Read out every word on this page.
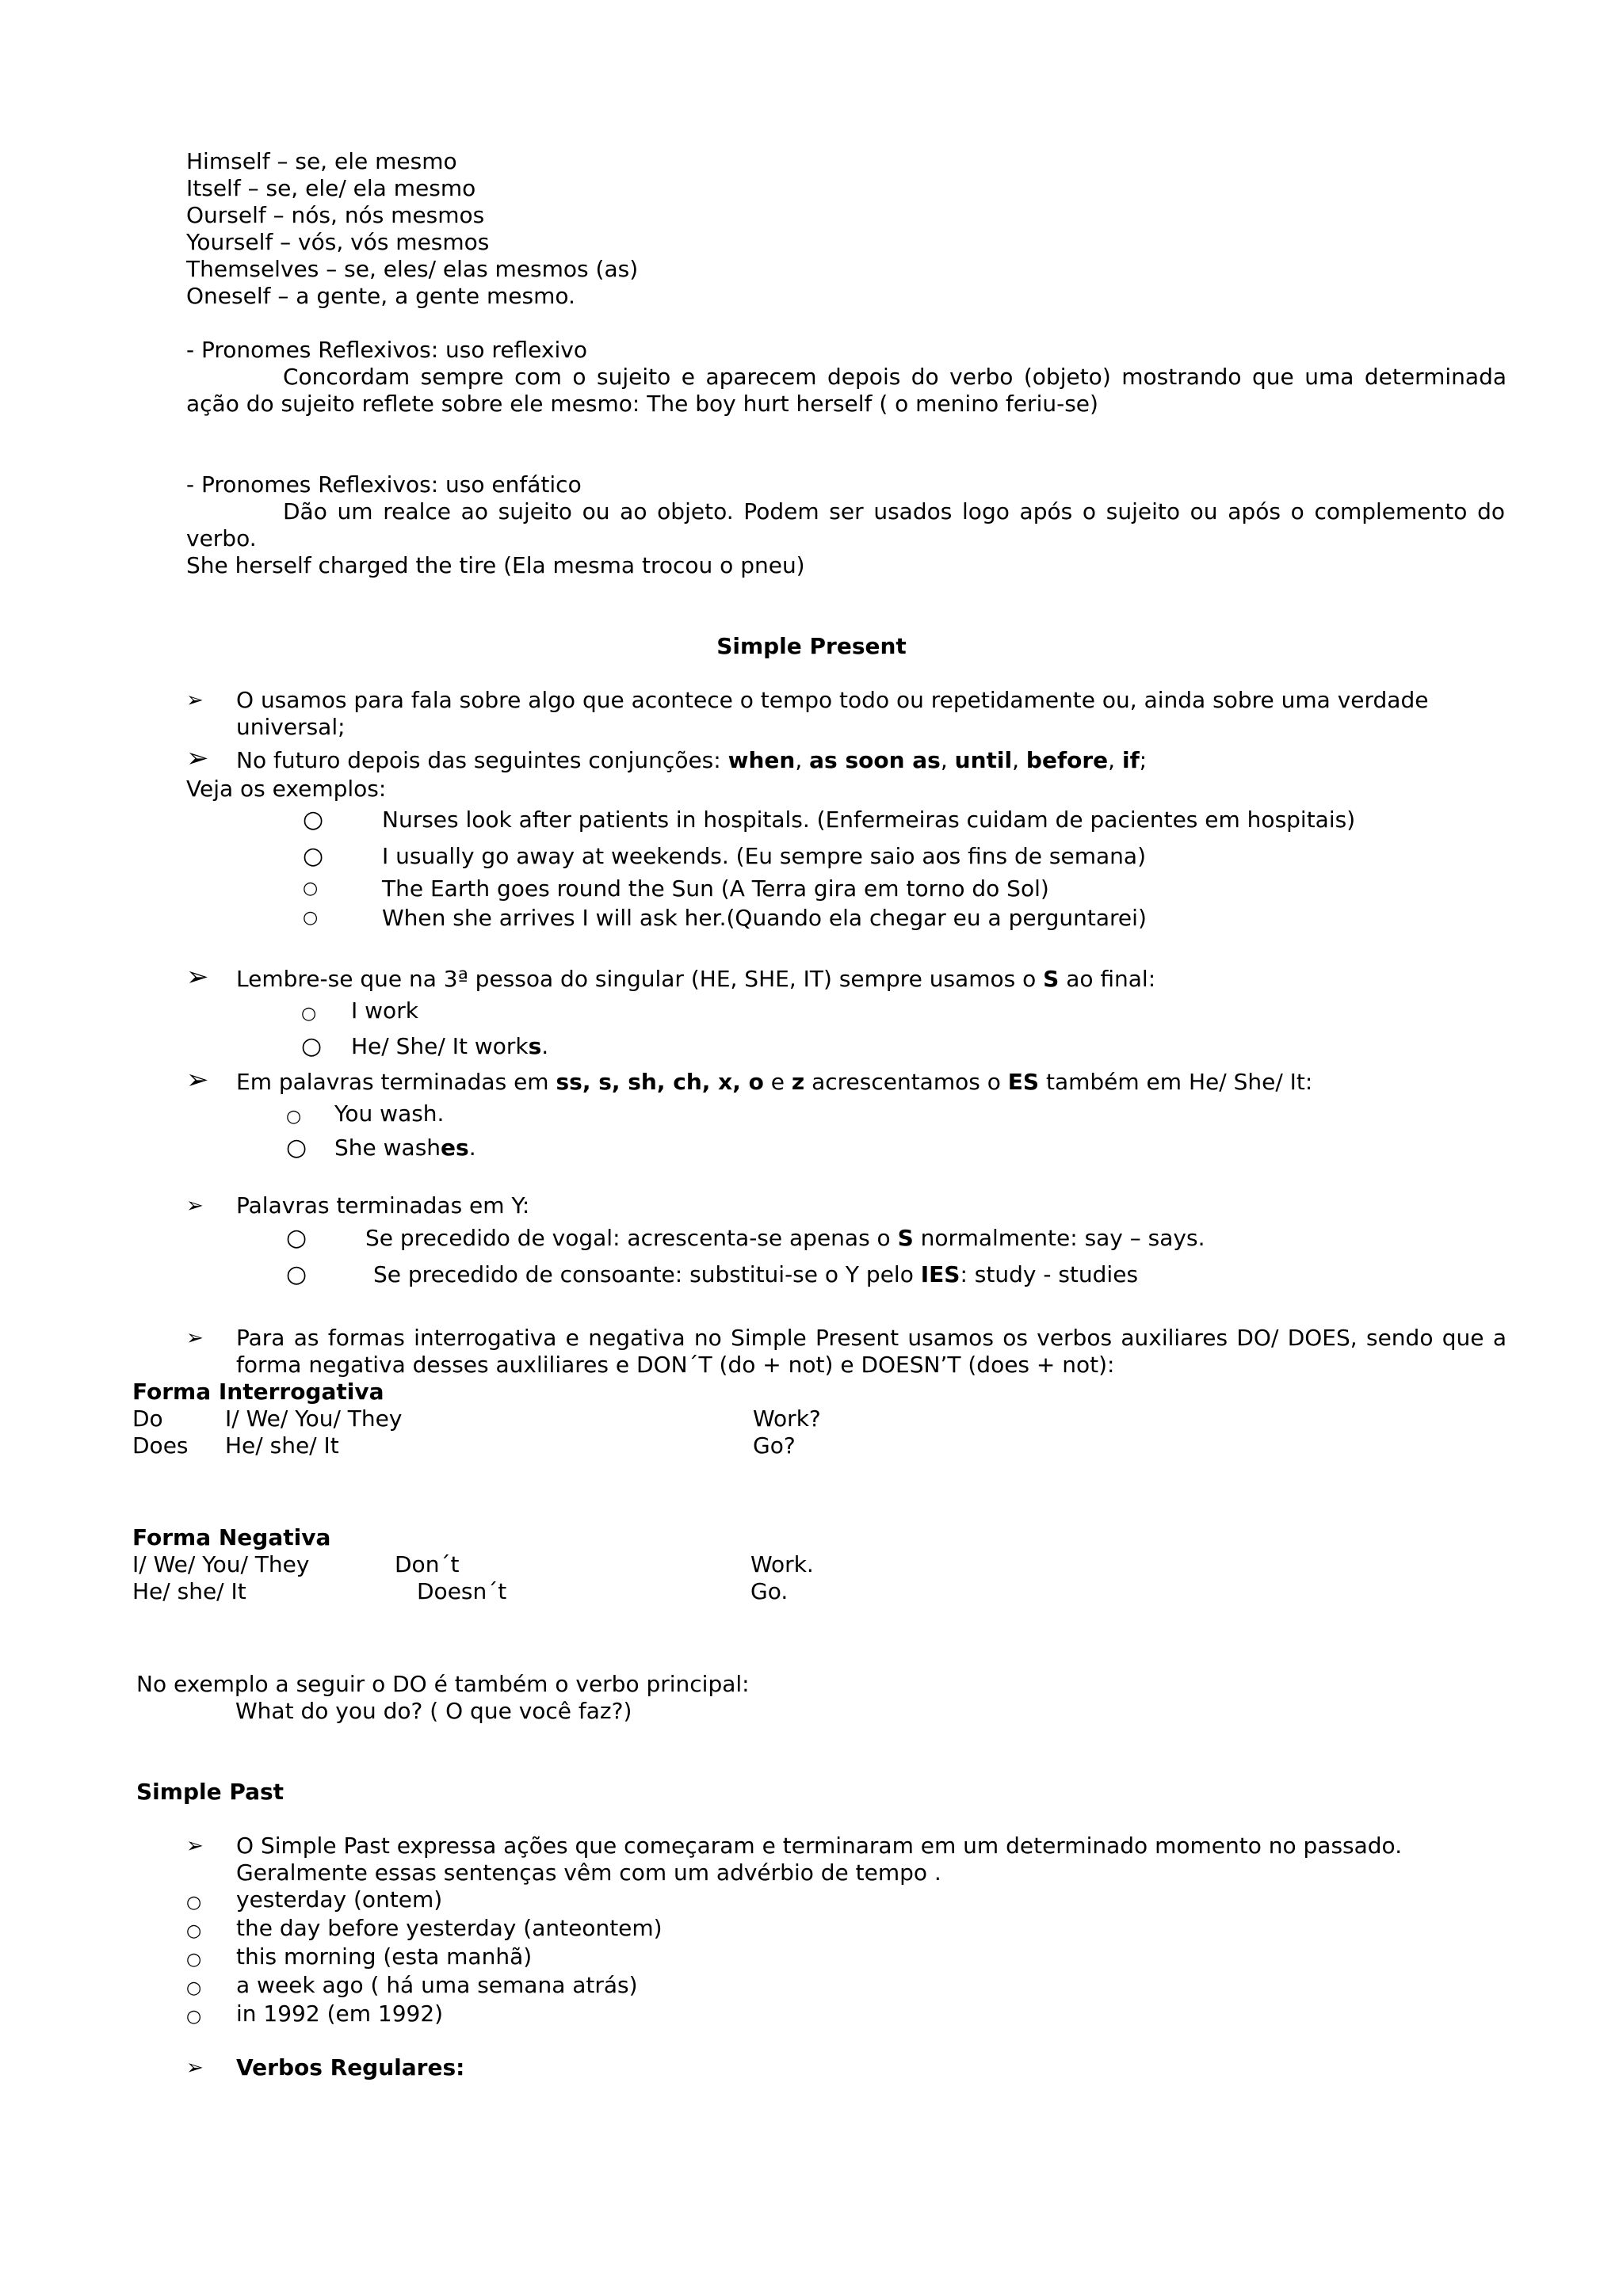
Himself – se, ele mesmo
Itself – se, ele/ ela mesmo
Ourself – nós, nós mesmos
Yourself – vós, vós mesmos
Themselves – se, eles/ elas mesmos (as)
Oneself – a gente, a gente mesmo.
- Pronomes Reflexivos: uso reflexivo
Concordam sempre com o sujeito e aparecem depois do verbo (objeto) mostrando que uma determinada
ação do sujeito reflete sobre ele mesmo: The boy hurt herself ( o menino feriu-se)
- Pronomes Reflexivos: uso enfático
Dão um realce ao sujeito ou ao objeto. Podem ser usados logo após o sujeito ou após o complemento do
verbo.
She herself charged the tire (Ela mesma trocou o pneu)
Simple Present
➢ O usamos para fala sobre algo que acontece o tempo todo ou repetidamente ou, ainda sobre uma verdade
universal;
➢ No futuro depois das seguintes conjunções: when, as soon as, until, before, if;
Veja os exemplos:
○	Nurses look after patients in hospitals. (Enfermeiras cuidam de pacientes em hospitais)
○	I usually go away at weekends. (Eu sempre saio aos fins de semana)
○	The Earth goes round the Sun (A Terra gira em torno do Sol)
○	When she arrives I will ask her.(Quando ela chegar eu a perguntarei)
➢ Lembre-se que na 3ª pessoa do singular (HE, SHE, IT) sempre usamos o S ao final:
○ I work
○ He/ She/ It works.
➢ Em palavras terminadas em ss, s, sh, ch, x, o e z acrescentamos o ES também em He/ She/ It:
○ You wash.
○ She washes.
➢ Palavras terminadas em Y:
○	Se precedido de vogal: acrescenta-se apenas o S normalmente: say – says.
○	Se precedido de consoante: substitui-se o Y pelo IES: study - studies
➢ Para as formas interrogativa e negativa no Simple Present usamos os verbos auxiliares DO/ DOES, sendo que a
forma negativa desses auxliliares e DON´T (do + not) e DOESN’T (does + not):
Forma Interrogativa
Do	I/ We/ You/ They	Work?
Does He/ she/ It	Go?
Forma Negativa
I/ We/ You/ They	Don´t	Work.
He/ she/ It	Doesn´t	Go.
No exemplo a seguir o DO é também o verbo principal:
What do you do? ( O que você faz?)
Simple Past
➢ O Simple Past expressa ações que começaram e terminaram em um determinado momento no passado.
Geralmente essas sentenças vêm com um advérbio de tempo .
○ yesterday (ontem)
○ the day before yesterday (anteontem)
○ this morning (esta manhã)
○ a week ago ( há uma semana atrás)
○ in 1992 (em 1992)
➢ Verbos Regulares:
